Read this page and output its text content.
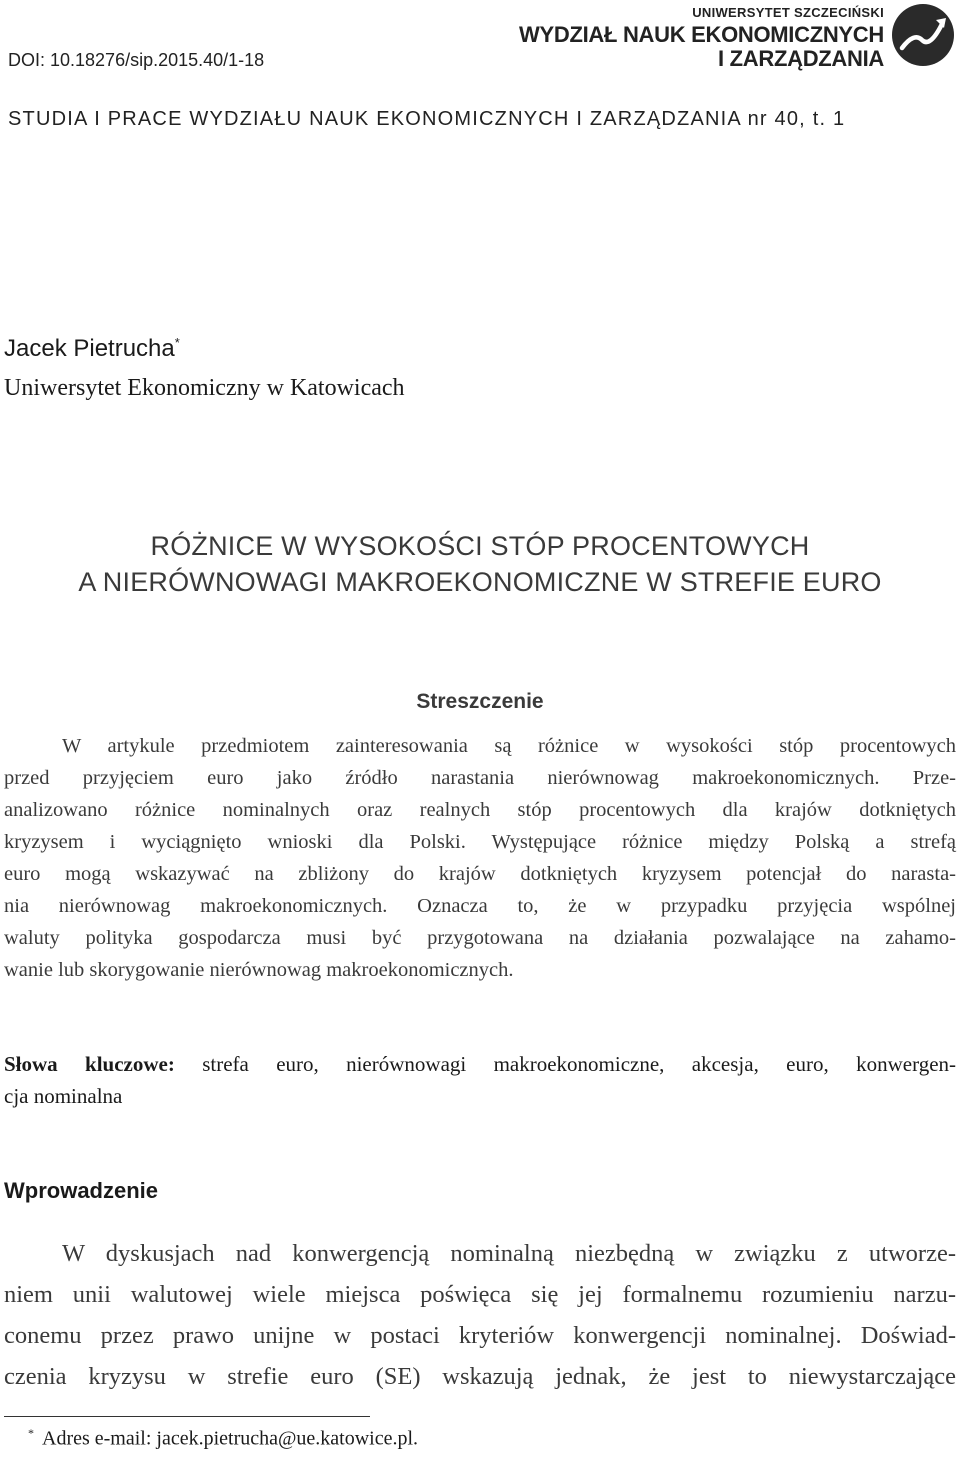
DOI: 10.18276/sip.2015.40/1-18
UNIWERSYTET SZCZECIŃSKI
WYDZIAŁ NAUK EKONOMICZNYCH
I ZARZĄDZANIA
STUDIA I PRACE WYDZIAŁU NAUK EKONOMICZNYCH I ZARZĄDZANIA nr 40, t. 1
Jacek Pietrucha*
Uniwersytet Ekonomiczny w Katowicach
RÓŻNICE W WYSOKOŚCI STÓP PROCENTOWYCH
A NIERÓWNOWAGI MAKROEKONOMICZNE W STREFIE EURO
Streszczenie
W artykule przedmiotem zainteresowania są różnice w wysokości stóp procentowych
przed przyjęciem euro jako źródło narastania nierównowag makroekonomicznych. Prze-
analizowano różnice nominalnych oraz realnych stóp procentowych dla krajów dotkniętych
kryzysem i wyciągnięto wnioski dla Polski. Występujące różnice między Polską a strefą
euro mogą wskazywać na zbliżony do krajów dotkniętych kryzysem potencjał do narasta-
nia nierównowag makroekonomicznych. Oznacza to, że w przypadku przyjęcia wspólnej
waluty polityka gospodarcza musi być przygotowana na działania pozwalające na zahamo-
wanie lub skorygowanie nierównowag makroekonomicznych.
Słowa kluczowe: strefa euro, nierównowagi makroekonomiczne, akcesja, euro, konwergen-
cja nominalna
Wprowadzenie
W dyskusjach nad konwergencją nominalną niezbędną w związku z utworze-
niem unii walutowej wiele miejsca poświęca się jej formalnemu rozumieniu narzu-
conemu przez prawo unijne w postaci kryteriów konwergencji nominalnej. Doświad-
czenia kryzysu w strefie euro (SE) wskazują jednak, że jest to niewystarczające
* Adres e-mail: jacek.pietrucha@ue.katowice.pl.
